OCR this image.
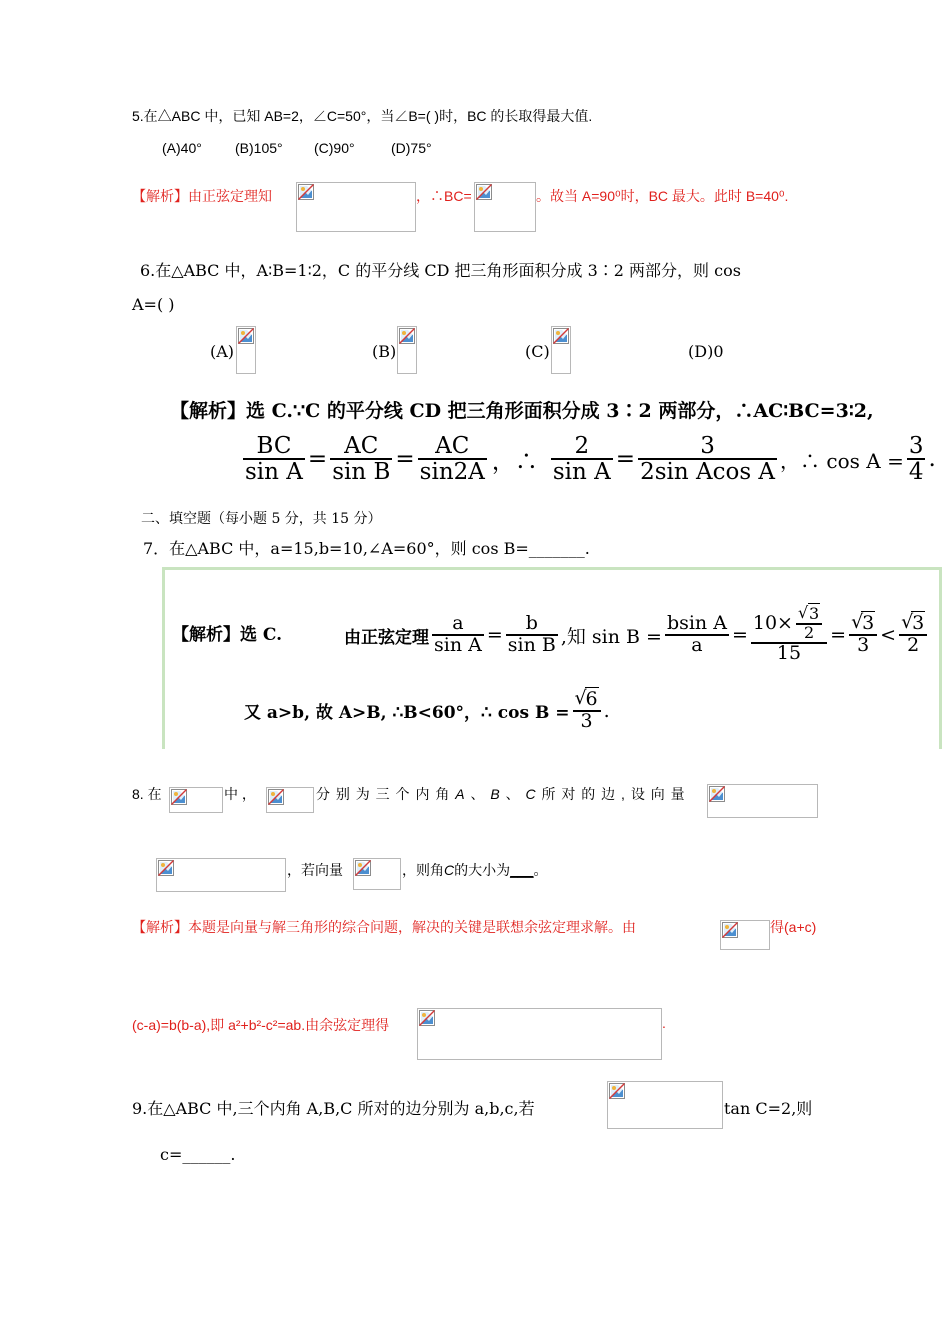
5.在△ABC 中，已知 AB=2，∠C=50°，当∠B=( )时，BC 的长取得最大值.
(A)40° (B)105° (C)90°	(D)75°
【解析】由正弦定理知	，∴BC=	。故当 A=90⁰时，BC 最大。此时 B=40⁰.
6.在△ABC 中，A∶B=1∶2，C 的平分线 CD 把三角形面积分成 3∶2 两部分，则 cos
A=( )
(A)	(B)	(C)	(D)0
【解析】选 C.∵C 的平分线 CD 把三角形面积分成 3∶2 两部分，∴AC∶BC=3∶2,
$\frac{BC}{\text{sin A}} = \frac{AC}{\text{sin B}} = \frac{AC}{\sin 2A}$ ，∴ $\frac{2}{\text{sin A}} = \frac{3}{\text{2sin Acos A}}$ ，∴ $\cos A = \frac{3}{4}$ .
二、填空题（每小题 5 分，共 15 分）
7．在△ABC 中，a=15,b=10,∠A=60°，则 cos B=_______.
【解析】选 C.	由正弦定理 $\frac{a}{\text{sin A}} = \frac{b}{\text{sin B}}$ ,知 $\sin B = \frac{\text{bsin A}}{a} = \frac{10\times \frac{√ 3}{2}}{15}$ = √
3
3 < √
3
2
又 a>b, 故 A>B, ∴B<60°，∴ cos B = √
6
3 .
8. 在	中 ，	分 别 为 三 个 内 角 A 、 B 、 C 所 对 的 边 , 设 向 量
，若向量	，则角C的大小为___。
【解析】本题是向量与解三角形的综合问题，解决的关键是联想余弦定理求解。由	得(a+c)
(c-a)=b(b-a),即 a²+b²-c²=ab.由余弦定理得	.
9.在△ABC 中,三个内角 A,B,C 所对的边分别为 a,b,c,若	tan C=2,则
c=______.
